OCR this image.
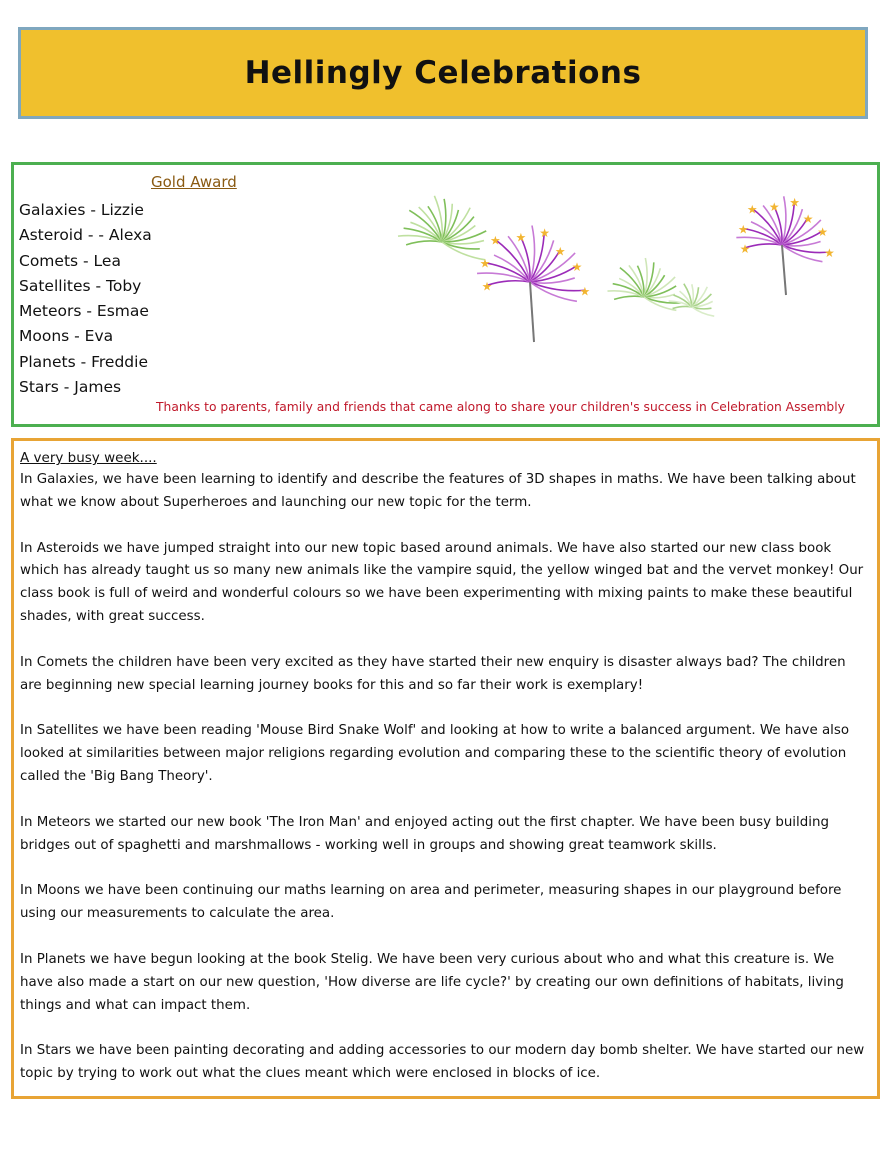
Hellingly Celebrations
Gold Award
Galaxies - Lizzie
Asteroid - - Alexa
Comets - Lea
Satellites - Toby
Meteors - Esmae
Moons - Eva
Planets - Freddie
Stars - James
★
★
★ ★ ★
★
★
★
★
★
★ ★ ★
★
★
★
Thanks to parents, family and friends that came along to share your children's success in Celebration Assembly
A very busy week....

In Galaxies, we have been learning to identify and describe the features of 3D shapes in maths. We have been talking about what we know about Superheroes and launching our new topic for the term.

In Asteroids we have jumped straight into our new topic based around animals. We have also started our new class book which has already taught us so many new animals like the vampire squid, the yellow winged bat and the vervet monkey! Our class book is full of weird and wonderful colours so we have been experimenting with mixing paints to make these beautiful shades, with great success.

In Comets the children have been very excited as they have started their new enquiry is disaster always bad? The children are beginning new special learning journey books for this and so far their work is exemplary!

In Satellites we have been reading 'Mouse Bird Snake Wolf' and looking at how to write a balanced argument. We have also looked at similarities between major religions regarding evolution and comparing these to the scientific theory of evolution called the 'Big Bang Theory'.

In Meteors we started our new book 'The Iron Man' and enjoyed acting out the first chapter. We have been busy building bridges out of spaghetti and marshmallows - working well in groups and showing great teamwork skills.

In Moons we have been continuing our maths learning on area and perimeter, measuring shapes in our playground before using our measurements to calculate the area.

In Planets we have begun looking at the book Stelig. We have been very curious about who and what this creature is. We have also made a start on our new question, 'How diverse are life cycle?' by creating our own definitions of habitats, living things and what can impact them.

In Stars we have been painting decorating and adding accessories to our modern day bomb shelter. We have started our new topic by trying to work out what the clues meant which were enclosed in blocks of ice.
